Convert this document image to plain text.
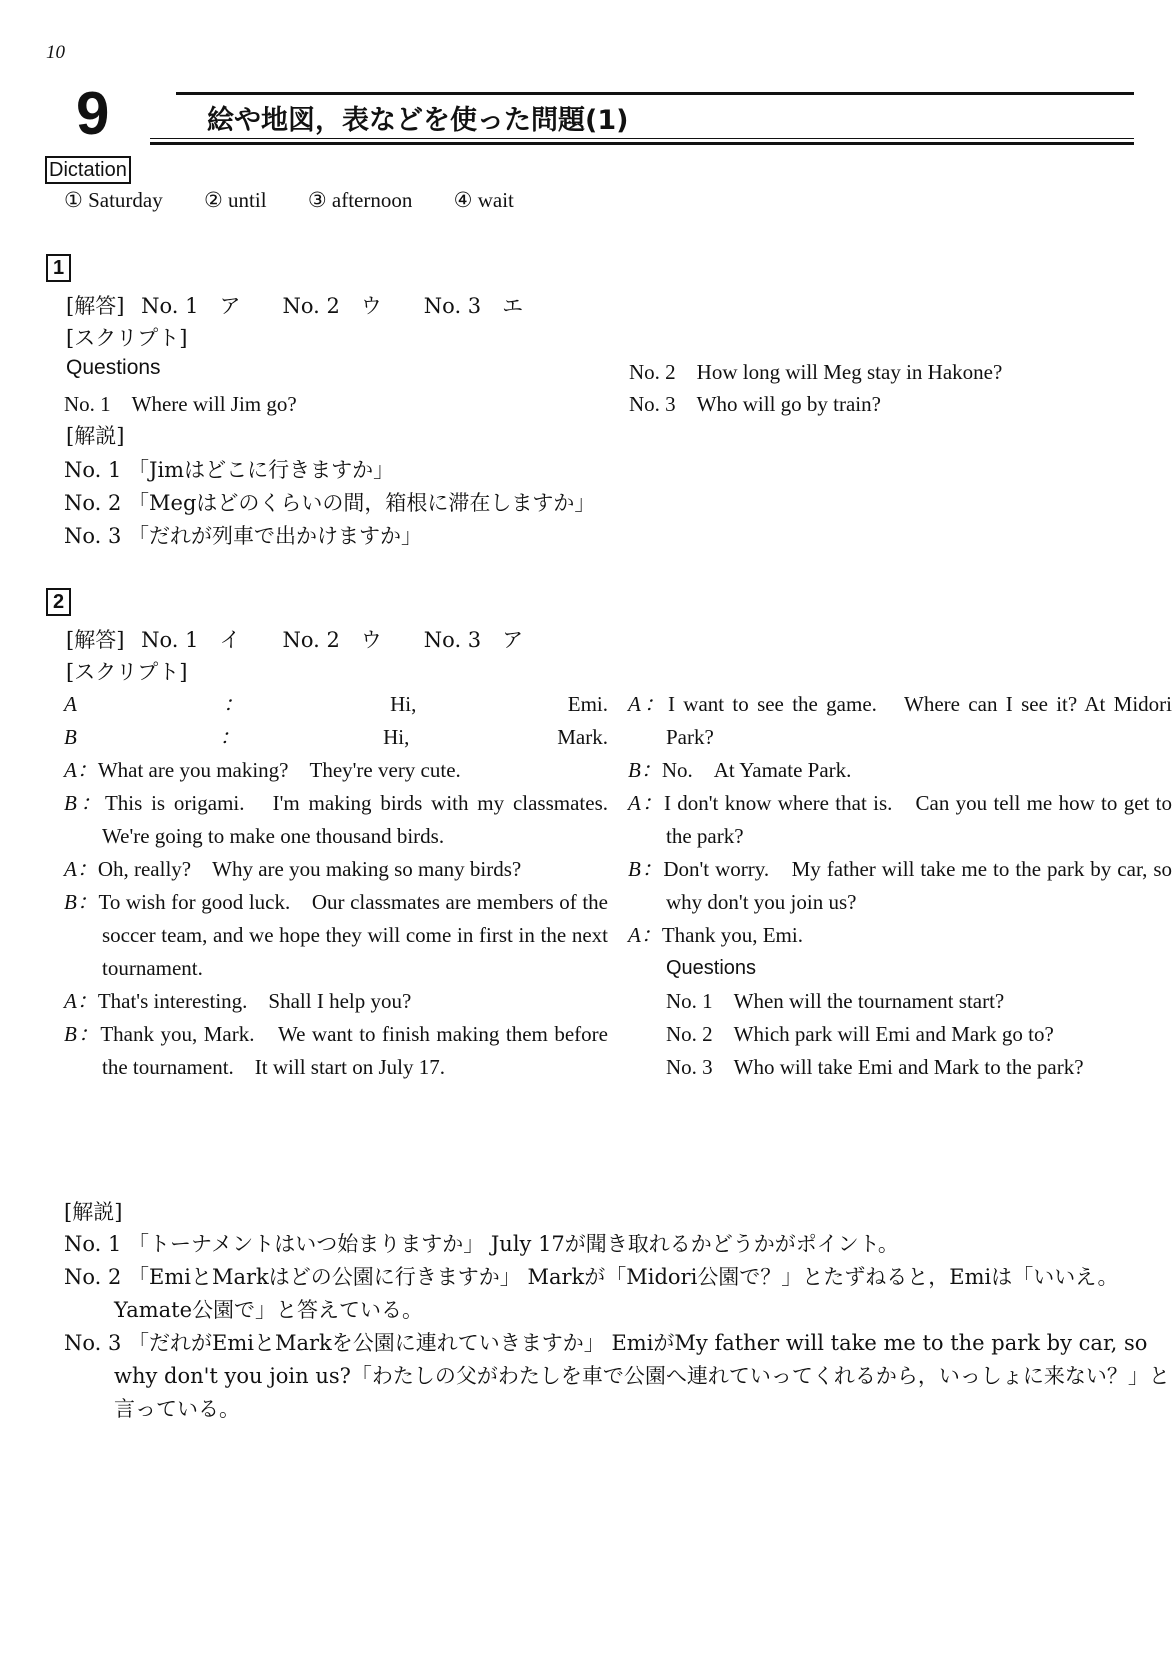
10
9	絵や地図，表などを使った問題(1)
Dictation
① Saturday ② until ③ afternoon ④ wait
1
[解答] No. 1　ア　　No. 2　ウ　　No. 3　エ
[スクリプト]
Questions
No. 1　Where will Jim go?
No. 2　How long will Meg stay in Hakone?
No. 3　Who will go by train?
[解説]
No. 1 「Jimはどこに行きますか」
No. 2 「Megはどのくらいの間，箱根に滞在しますか」
No. 3 「だれが列車で出かけますか」
2
[解答] No. 1　イ　　No. 2　ウ　　No. 3　ア
[スクリプト]
A：Hi, Emi.
B：Hi, Mark.
A：What are you making?　They're very cute.
B：This is origami.　I'm making birds with my classmates.　We're going to make one thousand birds.
A：Oh, really?　Why are you making so many birds?
B：To wish for good luck.　Our classmates are members of the soccer team, and we hope they will come in first in the next tournament.
A：That's interesting.　Shall I help you?
B：Thank you, Mark.　We want to finish making them before the tournament.　It will start on July 17.
A：I want to see the game.　Where can I see it? At Midori Park?
B：No.　At Yamate Park.
A：I don't know where that is.　Can you tell me how to get to the park?
B：Don't worry.　My father will take me to the park by car, so why don't you join us?
A：Thank you, Emi.
Questions
No. 1　When will the tournament start?
No. 2　Which park will Emi and Mark go to?
No. 3　Who will take Emi and Mark to the park?
[解説]
No. 1 「トーナメントはいつ始まりますか」 July 17が聞き取れるかどうかがポイント。
No. 2 「EmiとMarkはどの公園に行きますか」 Markが「Midori公園で？」とたずねると，Emiは「いいえ。Yamate公園で」と答えている。
No. 3 「だれがEmiとMarkを公園に連れていきますか」 EmiがMy father will take me to the park by car, so why don't you join us?「わたしの父がわたしを車で公園へ連れていってくれるから，いっしょに来ない？」と言っている。
